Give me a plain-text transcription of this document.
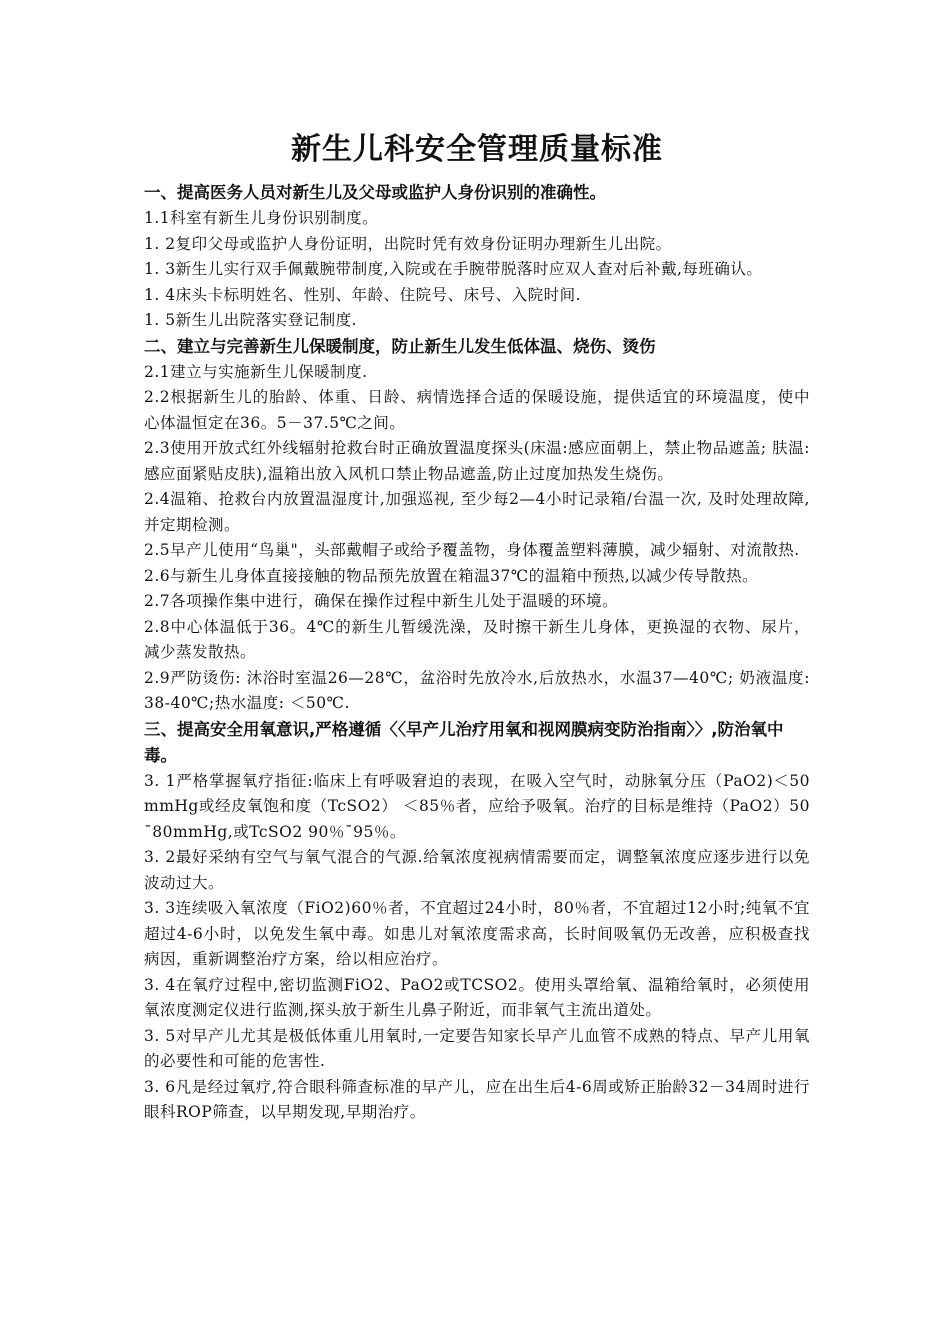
新生儿科安全管理质量标准

一、提高医务人员对新生儿及父母或监护人身份识别的准确性。

1.1科室有新生儿身份识别制度。

1. 2复印父母或监护人身份证明，出院时凭有效身份证明办理新生儿出院。

1. 3新生儿实行双手佩戴腕带制度,入院或在手腕带脱落时应双人查对后补戴,每班确认。

1. 4床头卡标明姓名、性别、年龄、住院号、床号、入院时间.

1. 5新生儿出院落实登记制度.

二、建立与完善新生儿保暖制度，防止新生儿发生低体温、烧伤、烫伤

2.1建立与实施新生儿保暖制度.

2.2根据新生儿的胎龄、体重、日龄、病情选择合适的保暖设施，提供适宜的环境温度，使中心体温恒定在36。5－37.5℃之间。

2.3使用开放式红外线辐射抢救台时正确放置温度探头(床温:感应面朝上，禁止物品遮盖; 肤温: 感应面紧贴皮肤),温箱出放入风机口禁止物品遮盖,防止过度加热发生烧伤。

2.4温箱、抢救台内放置温湿度计,加强巡视, 至少每2—4小时记录箱/台温一次, 及时处理故障, 并定期检测。

2.5早产儿使用“鸟巢"，头部戴帽子或给予覆盖物，身体覆盖塑料薄膜，减少辐射、对流散热.

2.6与新生儿身体直接接触的物品预先放置在箱温37℃的温箱中预热,以减少传导散热。

2.7各项操作集中进行，确保在操作过程中新生儿处于温暖的环境。

2.8中心体温低于36。4℃的新生儿暂缓洗澡，及时擦干新生儿身体，更换湿的衣物、尿片，减少蒸发散热。

2.9严防烫伤: 沐浴时室温26—28℃，盆浴时先放冷水,后放热水，水温37—40℃; 奶液温度: 38-40℃;热水温度: ＜50℃.

三、提高安全用氧意识,严格遵循〈〈早产儿治疗用氧和视网膜病变防治指南〉〉,防治氧中毒。

3. 1严格掌握氧疗指征:临床上有呼吸窘迫的表现，在吸入空气时，动脉氧分压（PaO2)＜50mmHg或经皮氧饱和度（TcSO2） ＜85％者，应给予吸氧。治疗的目标是维持（PaO2）50¯80mmHg,或TcSO2 90％¯95％。

3. 2最好采纳有空气与氧气混合的气源.给氧浓度视病情需要而定，调整氧浓度应逐步进行以免波动过大。

3. 3连续吸入氧浓度（FiO2)60％者，不宜超过24小时，80％者，不宜超过12小时;纯氧不宜超过4-6小时，以免发生氧中毒。如患儿对氧浓度需求高，长时间吸氧仍无改善，应积极查找病因，重新调整治疗方案，给以相应治疗。

3. 4在氧疗过程中,密切监测FiO2、PaO2或TCSO2。使用头罩给氧、温箱给氧时，必须使用氧浓度测定仪进行监测,探头放于新生儿鼻子附近，而非氧气主流出道处。

3. 5对早产儿尤其是极低体重儿用氧时,一定要告知家长早产儿血管不成熟的特点、早产儿用氧的必要性和可能的危害性.

3. 6凡是经过氧疗,符合眼科筛查标准的早产儿，应在出生后4-6周或矫正胎龄32－34周时进行眼科ROP筛查，以早期发现,早期治疗。
